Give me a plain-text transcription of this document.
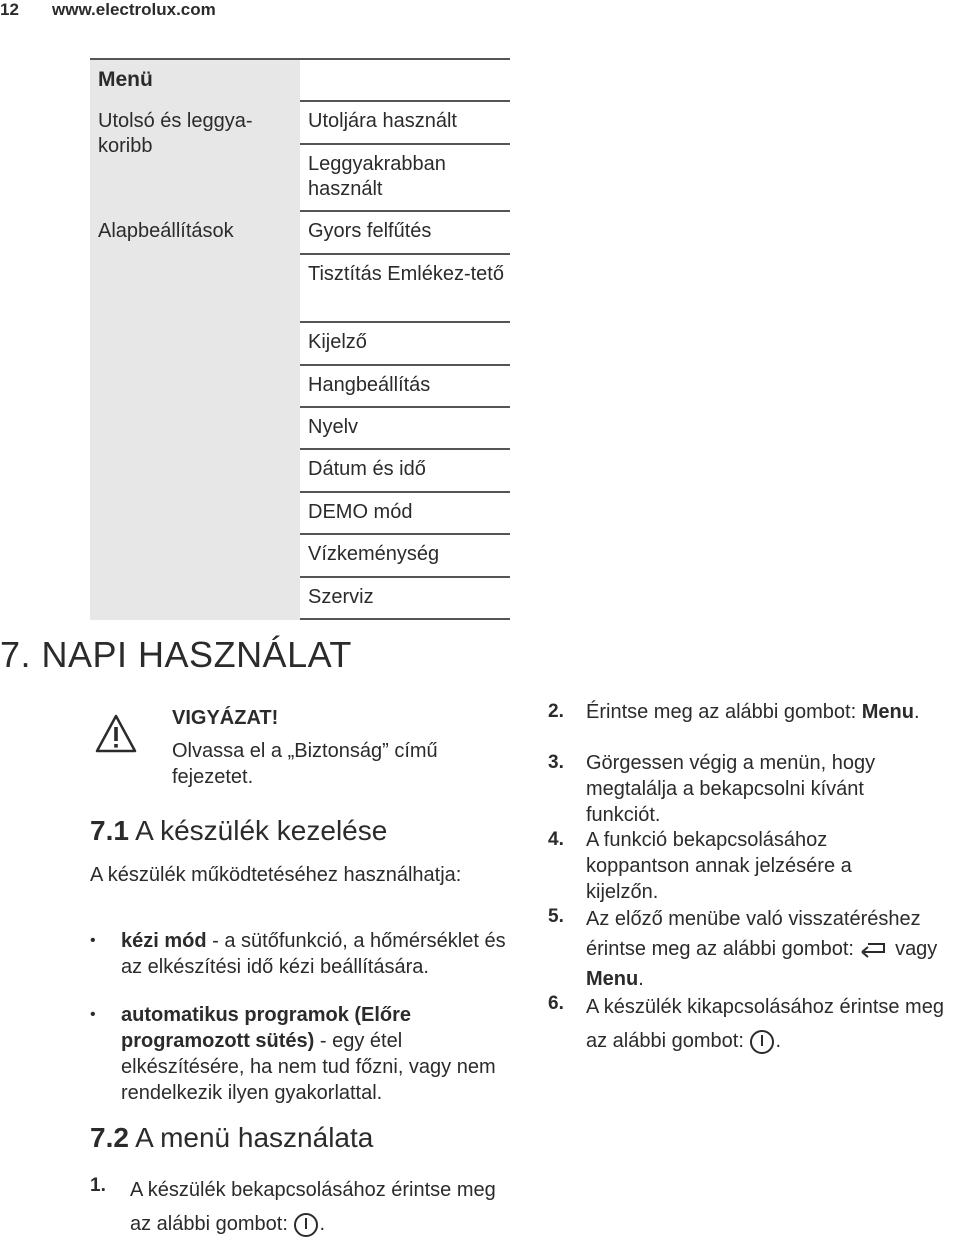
12 www.electrolux.com
Menü
Utolsó és leggya-koribb
Alapbeállítások
Utoljára használt
Leggyakrabban használt
Gyors felfűtés
Tisztítás Emlékez-tető
Kijelző
Hangbeállítás
Nyelv
Dátum és idő
DEMO mód
Vízkeménység
Szerviz
7. NAPI HASZNÁLAT
VIGYÁZAT!
Olvassa el a „Biztonság” című fejezetet.
7.1 A készülék kezelése
A készülék működtetéséhez használhatja:
• kézi mód - a sütőfunkció, a hőmérséklet és az elkészítési idő kézi beállítására.
• automatikus programok (Előre programozott sütés) - egy étel elkészítésére, ha nem tud főzni, vagy nem rendelkezik ilyen gyakorlattal.
7.2 A menü használata
1. A készülék bekapcsolásához érintse meg az alábbi gombot: .
2. Érintse meg az alábbi gombot: Menu.
3. Görgessen végig a menün, hogy megtalálja a bekapcsolni kívánt funkciót.
4. A funkció bekapcsolásához koppantson annak jelzésére a kijelzőn.
5. Az előző menübe való visszatéréshez érintse meg az alábbi gombot: vagy Menu.
6. A készülék kikapcsolásához érintse meg az alábbi gombot: .
